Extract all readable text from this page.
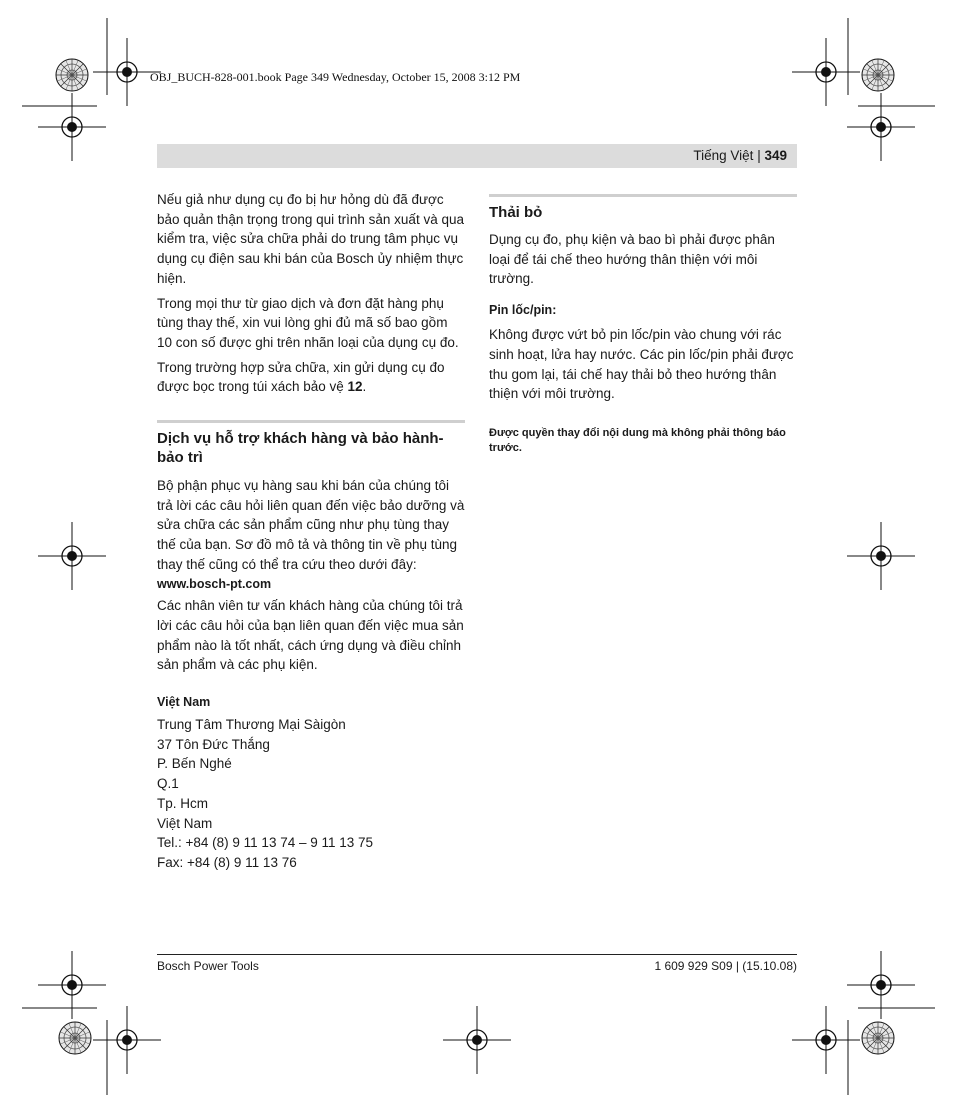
OBJ_BUCH-828-001.book Page 349 Wednesday, October 15, 2008 3:12 PM
Tiếng Việt | 349

Nếu giả như dụng cụ đo bị hư hỏng dù đã được bảo quản thận trọng trong qui trình sản xuất và qua kiểm tra, việc sửa chữa phải do trung tâm phục vụ dụng cụ điện sau khi bán của Bosch ủy nhiệm thực hiện.

Trong mọi thư từ giao dịch và đơn đặt hàng phụ tùng thay thế, xin vui lòng ghi đủ mã số bao gồm 10 con số được ghi trên nhãn loại của dụng cụ đo.

Trong trường hợp sửa chữa, xin gửi dụng cụ đo được bọc trong túi xách bảo vệ 12.

Dịch vụ hỗ trợ khách hàng và bảo hành-bảo trì

Bộ phận phục vụ hàng sau khi bán của chúng tôi trả lời các câu hỏi liên quan đến việc bảo dưỡng và sửa chữa các sản phẩm cũng như phụ tùng thay thế của bạn. Sơ đồ mô tả và thông tin về phụ tùng thay thế cũng có thể tra cứu theo dưới đây:

www.bosch-pt.com

Các nhân viên tư vấn khách hàng của chúng tôi trả lời các câu hỏi của bạn liên quan đến việc mua sản phẩm nào là tốt nhất, cách ứng dụng và điều chỉnh sản phẩm và các phụ kiện.

Việt Nam
Trung Tâm Thương Mại Sàigòn
37 Tôn Đức Thắng
P. Bến Nghé
Q.1
Tp. Hcm
Việt Nam
Tel.: +84 (8) 9 11 13 74 – 9 11 13 75
Fax: +84 (8) 9 11 13 76
Thải bỏ

Dụng cụ đo, phụ kiện và bao bì phải được phân loại để tái chế theo hướng thân thiện với môi trường.

Pin lốc/pin:

Không được vứt bỏ pin lốc/pin vào chung với rác sinh hoạt, lửa hay nước. Các pin lốc/pin phải được thu gom lại, tái chế hay thải bỏ theo hướng thân thiện với môi trường.

Được quyền thay đổi nội dung mà không phải thông báo trước.
Bosch Power Tools	1 609 929 S09 | (15.10.08)
